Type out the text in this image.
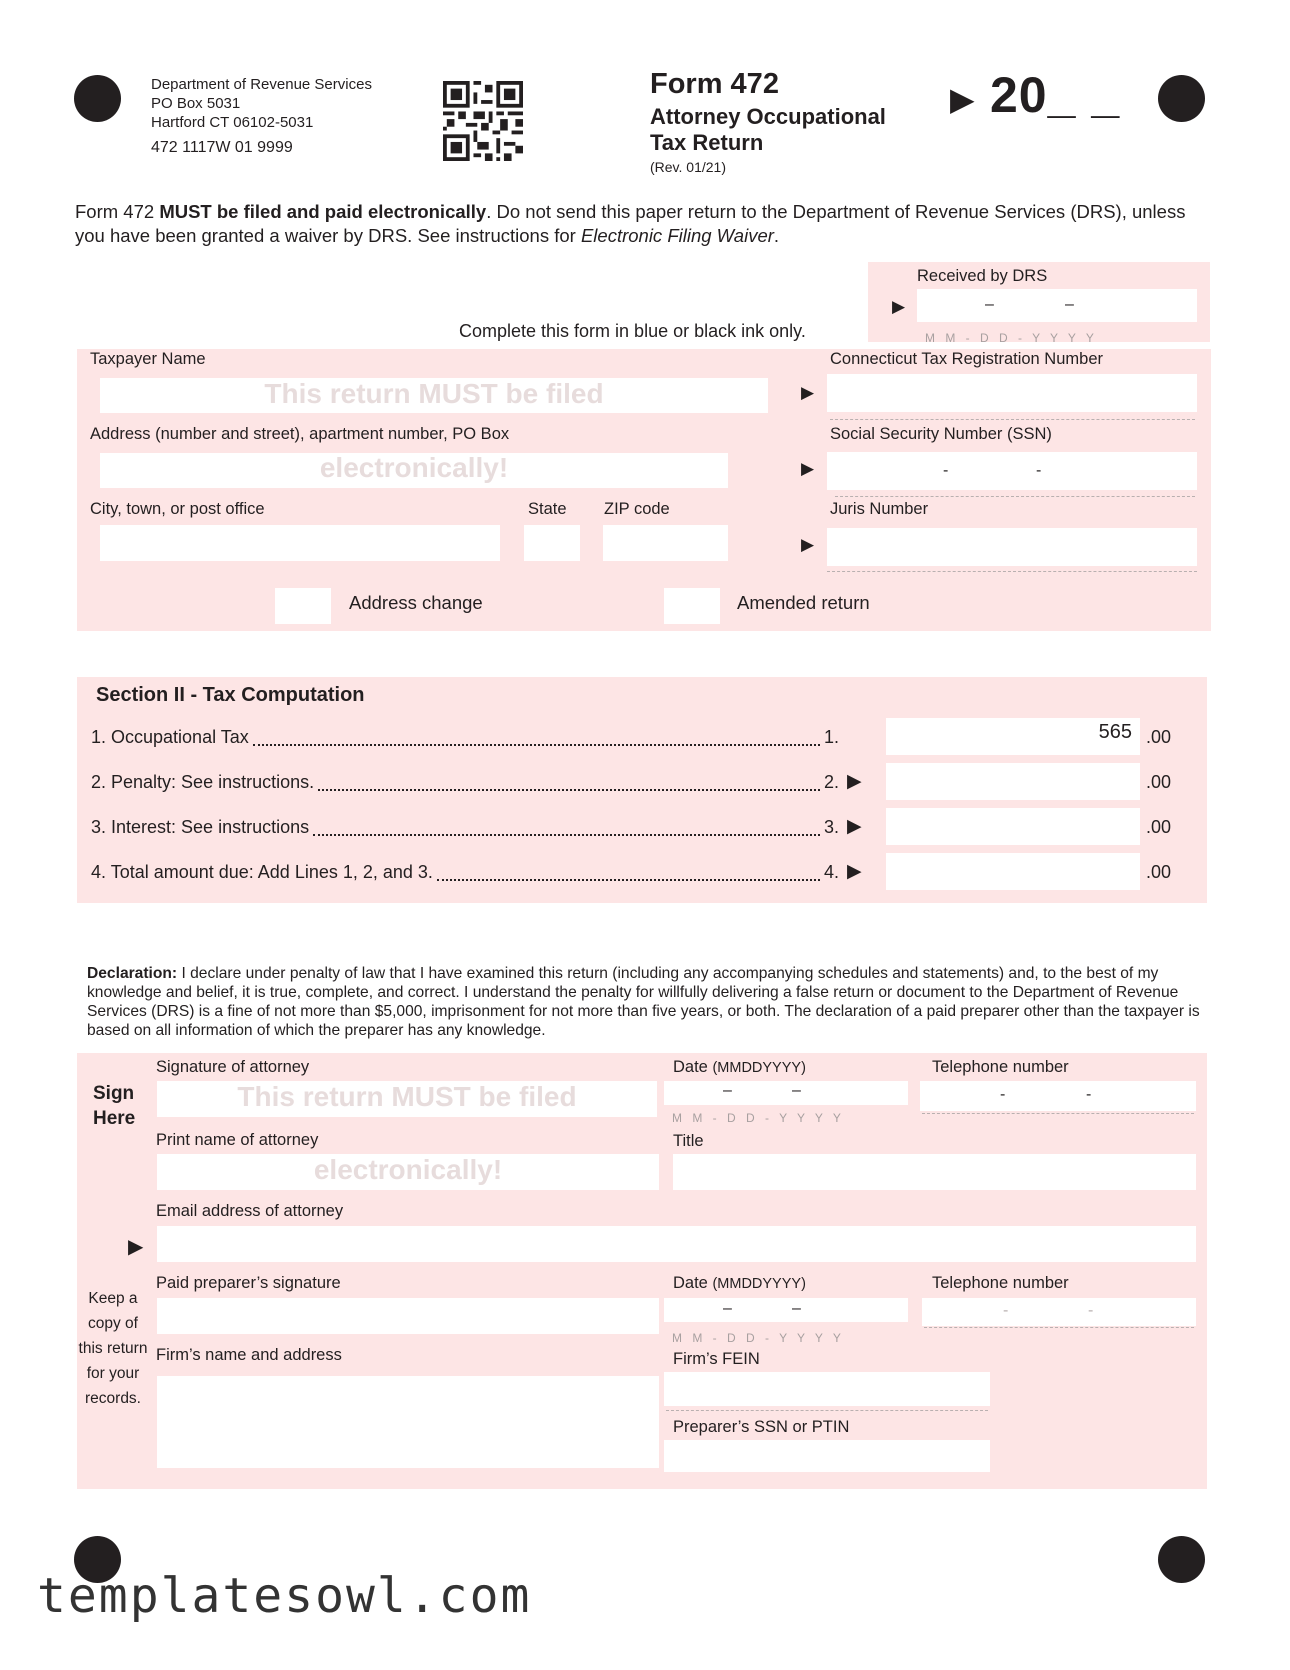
Department of Revenue Services
PO Box 5031
Hartford CT 06102-5031
472 1117W 01 9999
Form 472
Attorney Occupational
Tax Return
(Rev. 01/21)
▶ 20_ _
Form 472 MUST be filed and paid electronically. Do not send this paper return to the Department of Revenue Services (DRS), unless you have been granted a waiver by DRS. See instructions for Electronic Filing Waiver.
Received by DRS
▶	–	–
M M - D D - Y Y Y Y
Complete this form in blue or black ink only.
Taxpayer Name
This return MUST be filed
Address (number and street), apartment number, PO Box
electronically!
City, town, or post office	State ZIP code
Connecticut Tax Registration Number
▶
Social Security Number (SSN)
▶	-	-
Juris Number
▶
Address change	Amended return
Section II - Tax Computation
1. Occupational Tax	1.	565 .00
2. Penalty: See instructions.	2. ▶	.00
3. Interest: See instructions	3. ▶	.00
4. Total amount due: Add Lines 1, 2, and 3.	4. ▶	.00
Declaration: I declare under penalty of law that I have examined this return (including any accompanying schedules and statements) and, to the best of my knowledge and belief, it is true, complete, and correct. I understand the penalty for willfully delivering a false return or document to the Department of Revenue Services (DRS) is a fine of not more than $5,000, imprisonment for not more than five years, or both. The declaration of a paid preparer other than the taxpayer is based on all information of which the preparer has any knowledge.
Sign
Here
Signature of attorney
This return MUST be filed
Date (MMDDYYYY)
–	–
M M - D D - Y Y Y Y
Telephone number
-	-
Print name of attorney
electronically!
Title
Email address of attorney
▶
Paid preparer’s signature	Date (MMDDYYYY)
–	–
M M - D D - Y Y Y Y
Telephone number
-	-
Keep a
copy of
this return
for your
records.
Firm’s name and address	Firm’s FEIN
Preparer’s SSN or PTIN
templatesowl.com
